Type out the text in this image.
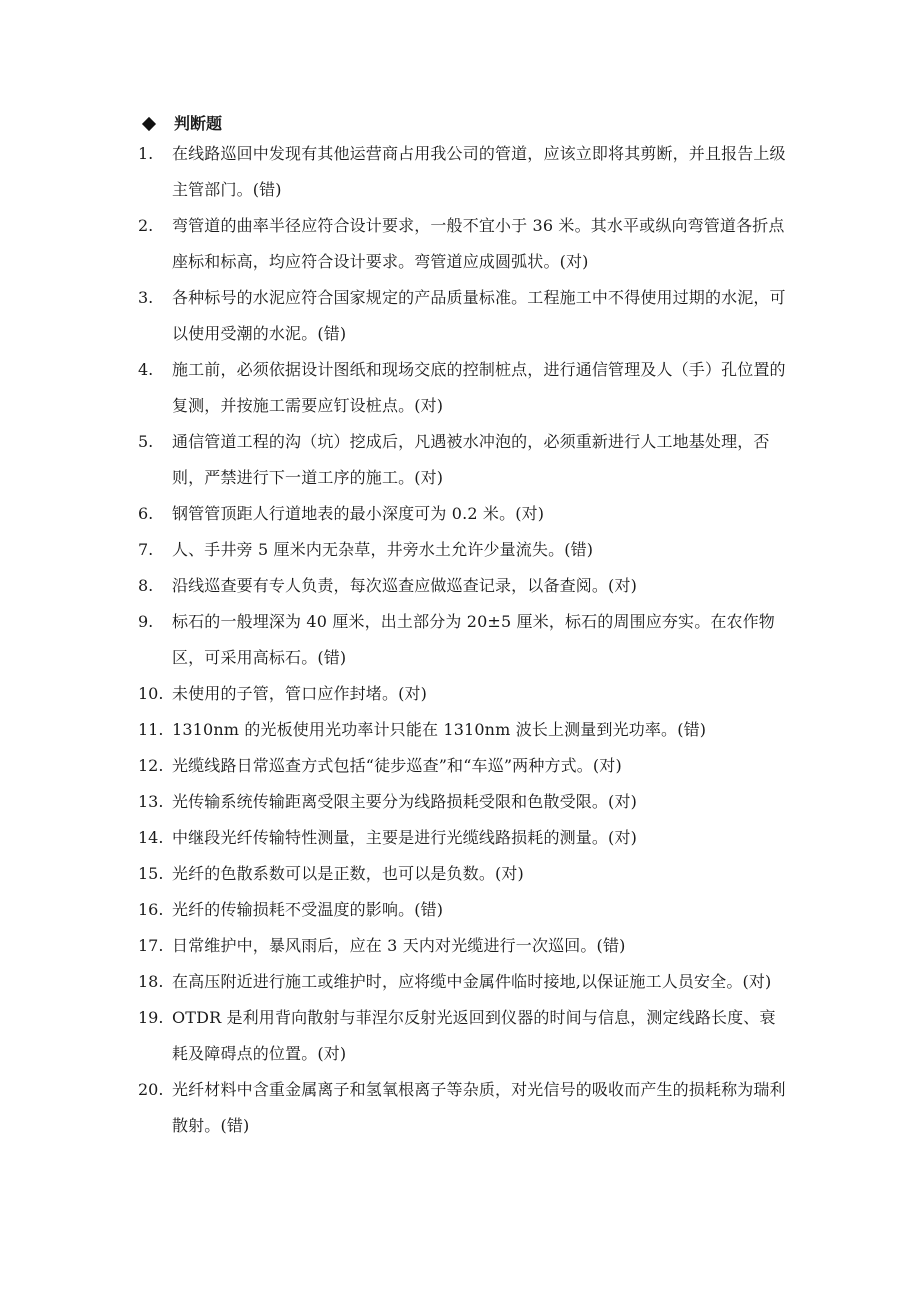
判断题
1.	在线路巡回中发现有其他运营商占用我公司的管道，应该立即将其剪断，并且报告上级主管部门。(错)
2.	弯管道的曲率半径应符合设计要求，一般不宜小于 36 米。其水平或纵向弯管道各折点座标和标高，均应符合设计要求。弯管道应成圆弧状。(对)
3.	各种标号的水泥应符合国家规定的产品质量标准。工程施工中不得使用过期的水泥，可以使用受潮的水泥。(错)
4.	施工前，必须依据设计图纸和现场交底的控制桩点，进行通信管理及人（手）孔位置的复测，并按施工需要应钉设桩点。(对)
5.	通信管道工程的沟（坑）挖成后，凡遇被水冲泡的，必须重新进行人工地基处理，否则，严禁进行下一道工序的施工。(对)
6.	钢管管顶距人行道地表的最小深度可为 0.2 米。(对)
7.	人、手井旁 5 厘米内无杂草，井旁水土允许少量流失。(错)
8.	沿线巡查要有专人负责，每次巡查应做巡查记录，以备查阅。(对)
9.	标石的一般埋深为 40 厘米，出土部分为 20±5 厘米，标石的周围应夯实。在农作物区，可采用高标石。(错)
10. 未使用的子管，管口应作封堵。(对)
11. 1310nm 的光板使用光功率计只能在 1310nm 波长上测量到光功率。(错)
12. 光缆线路日常巡查方式包括“徒步巡查”和“车巡”两种方式。(对)
13. 光传输系统传输距离受限主要分为线路损耗受限和色散受限。(对)
14. 中继段光纤传输特性测量，主要是进行光缆线路损耗的测量。(对)
15. 光纤的色散系数可以是正数，也可以是负数。(对)
16. 光纤的传输损耗不受温度的影响。(错)
17. 日常维护中，暴风雨后，应在 3 天内对光缆进行一次巡回。(错)
18. 在高压附近进行施工或维护时，应将缆中金属件临时接地,以保证施工人员安全。(对)
19. OTDR 是利用背向散射与菲涅尔反射光返回到仪器的时间与信息，测定线路长度、衰耗及障碍点的位置。(对)
20. 光纤材料中含重金属离子和氢氧根离子等杂质，对光信号的吸收而产生的损耗称为瑞利散射。(错)
